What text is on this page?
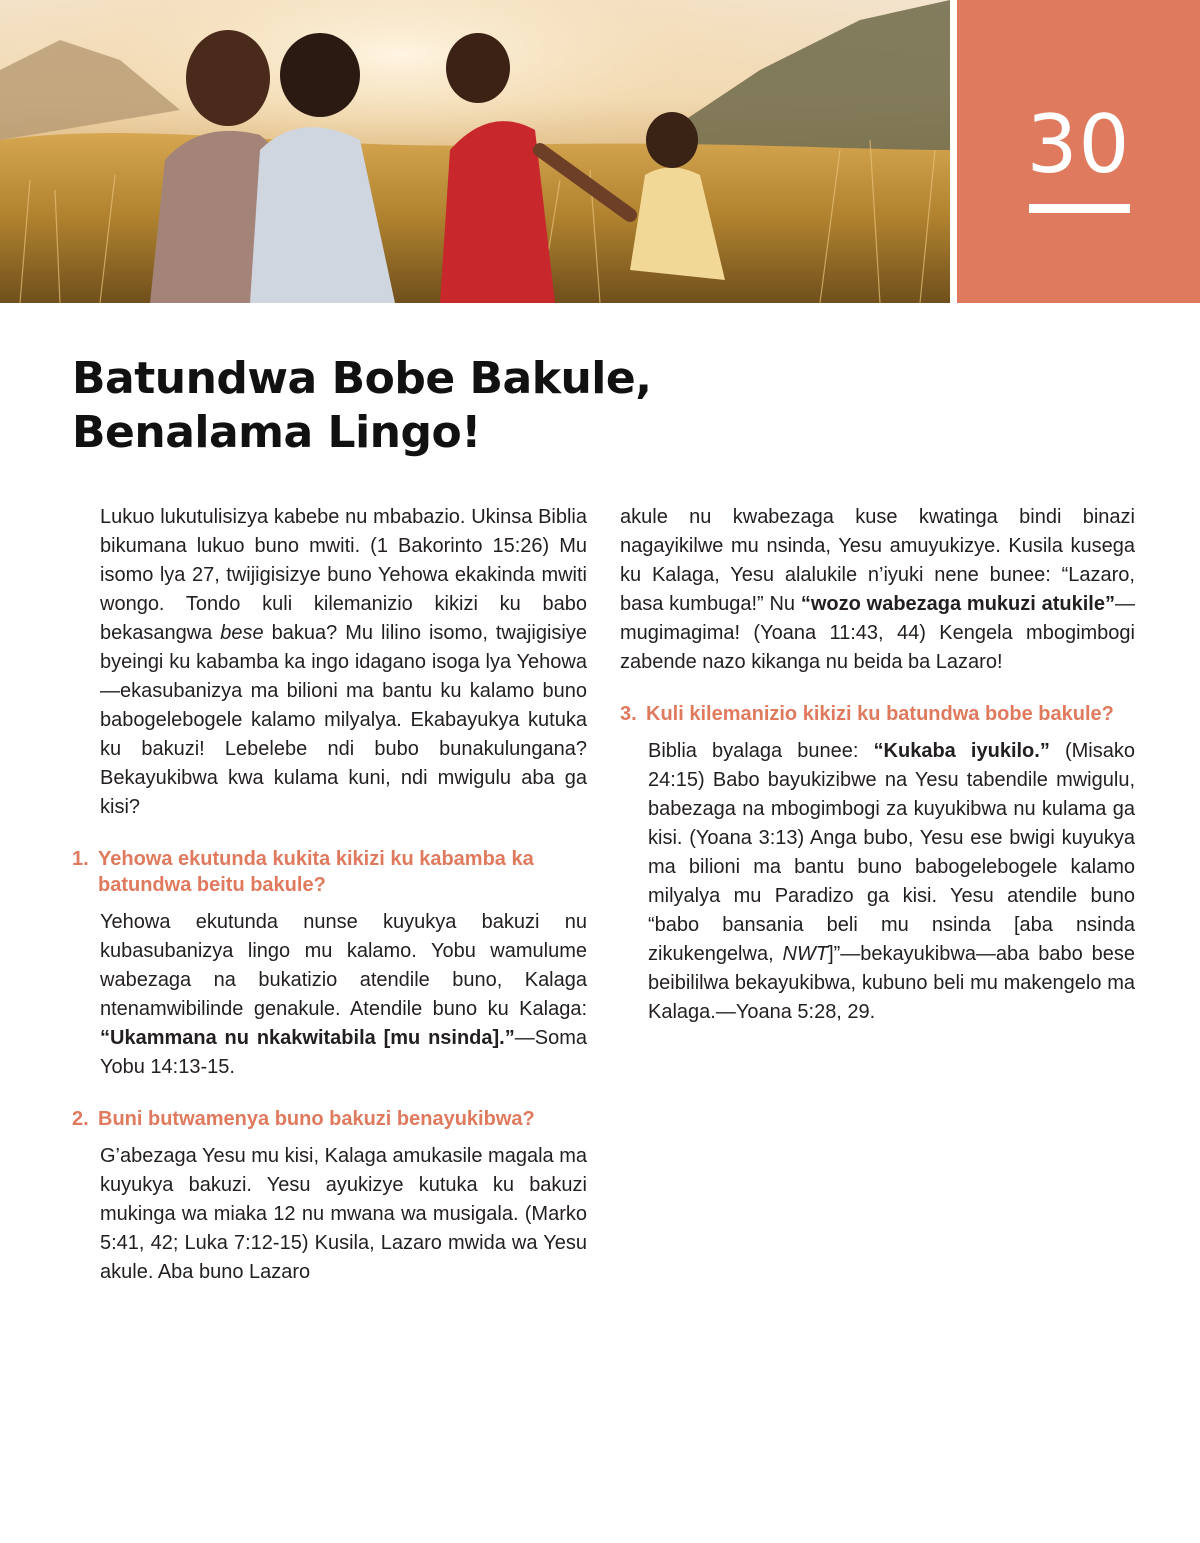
30
Batundwa Bobe Bakule,
Benalama Lingo!

Lukuo lukutulisizya kabebe nu mbabazio. Ukinsa Biblia bikumana lukuo buno mwiti. (1 Bakorinto 15:26) Mu isomo lya 27, twijigisizye buno Yehowa ekakinda mwiti wongo. Tondo kuli kilemanizio kikizi ku babo bekasangwa bese bakua? Mu lilino isomo, twajigisiye byeingi ku kabamba ka ingo idagano isoga lya Yehowa—ekasubanizya ma bilioni ma bantu ku kalamo buno babogelebogele kalamo milyalya. Ekabayukya kutuka ku bakuzi! Lebelebe ndi bubo bunakulungana? Bekayukibwa kwa kulama kuni, ndi mwigulu aba ga kisi?

1. Yehowa ekutunda kukita kikizi ku kabamba ka batundwa beitu bakule?

Yehowa ekutunda nunse kuyukya bakuzi nu kubasubanizya lingo mu kalamo. Yobu wamulume wabezaga na bukatizio atendile buno, Kalaga ntenamwibilinde genakule. Atendile buno ku Kalaga: “Ukammana nu nkakwitabila [mu nsinda].”—Soma Yobu 14:13-15.

2. Buni butwamenya buno bakuzi benayukibwa?

G’abezaga Yesu mu kisi, Kalaga amukasile magala ma kuyukya bakuzi. Yesu ayukizye kutuka ku bakuzi mukinga wa miaka 12 nu mwana wa musigala. (Marko 5:41, 42; Luka 7:12-15) Kusila, Lazaro mwida wa Yesu akule. Aba buno Lazaro

akule nu kwabezaga kuse kwatinga bindi binazi nagayikilwe mu nsinda, Yesu amuyukizye. Kusila kusega ku Kalaga, Yesu alalukile n’iyuki nene bunee: “Lazaro, basa kumbuga!” Nu “wozo wabezaga mukuzi atukile”—mugimagima! (Yoana 11:43, 44) Kengela mbogimbogi zabende nazo kikanga nu beida ba Lazaro!

3. Kuli kilemanizio kikizi ku batundwa bobe bakule?

Biblia byalaga bunee: “Kukaba iyukilo.” (Misako 24:15) Babo bayukizibwe na Yesu tabendile mwigulu, babezaga na mbogimbogi za kuyukibwa nu kulama ga kisi. (Yoana 3:13) Anga bubo, Yesu ese bwigi kuyukya ma bilioni ma bantu buno babogelebogele kalamo milyalya mu Paradizo ga kisi. Yesu atendile buno “babo bansania beli mu nsinda [aba nsinda zikukengelwa, NWT]”—bekayukibwa—aba babo bese beibililwa bekayukibwa, kubuno beli mu makengelo ma Kalaga.—Yoana 5:28, 29.
